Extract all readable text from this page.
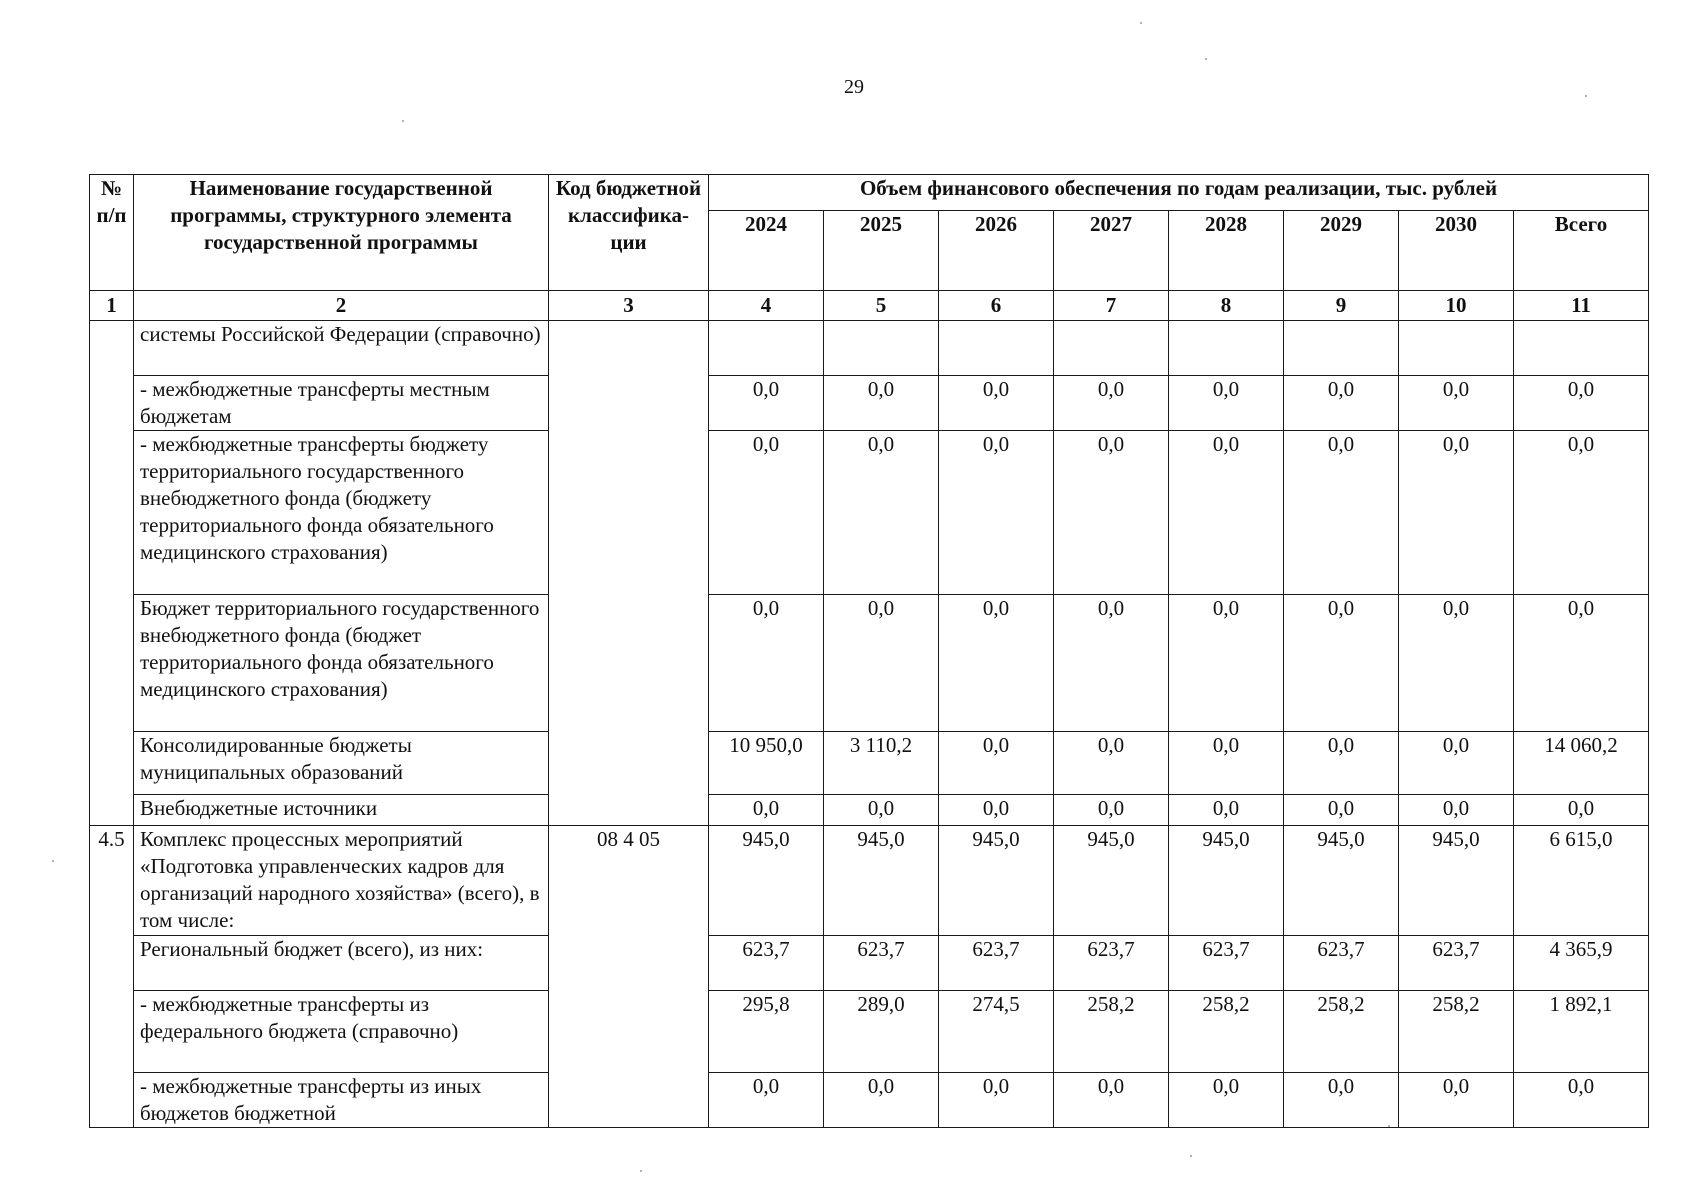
29
№ п/п	Наименование государственной программы, структурного элемента государственной программы	Код бюджетной классифика-ции	Объем финансового обеспечения по годам реализации, тыс. рублей							
			2024	2025	2026	2027	2028	2029	2030	Всего
1	2	3	4	5	6	7	8	9	10	11
	системы Российской Федерации (справочно)									
	- межбюджетные трансферты местным бюджетам		0,0	0,0	0,0	0,0	0,0	0,0	0,0	0,0
	- межбюджетные трансферты бюджету территориального государственного внебюджетного фонда (бюджету территориального фонда обязательного медицинского страхования)		0,0	0,0	0,0	0,0	0,0	0,0	0,0	0,0
	Бюджет территориального государственного внебюджетного фонда (бюджет территориального фонда обязательного медицинского страхования)		0,0	0,0	0,0	0,0	0,0	0,0	0,0	0,0
	Консолидированные бюджеты муниципальных образований		10 950,0	3 110,2	0,0	0,0	0,0	0,0	0,0	14 060,2
	Внебюджетные источники		0,0	0,0	0,0	0,0	0,0	0,0	0,0	0,0
4.5	Комплекс процессных мероприятий «Подготовка управленческих кадров для организаций народного хозяйства» (всего), в том числе:	08 4 05	945,0	945,0	945,0	945,0	945,0	945,0	945,0	6 615,0
	Региональный бюджет (всего), из них:		623,7	623,7	623,7	623,7	623,7	623,7	623,7	4 365,9
	- межбюджетные трансферты из федерального бюджета (справочно)		295,8	289,0	274,5	258,2	258,2	258,2	258,2	1 892,1
	- межбюджетные трансферты из иных бюджетов бюджетной		0,0	0,0	0,0	0,0	0,0	0,0	0,0	0,0
